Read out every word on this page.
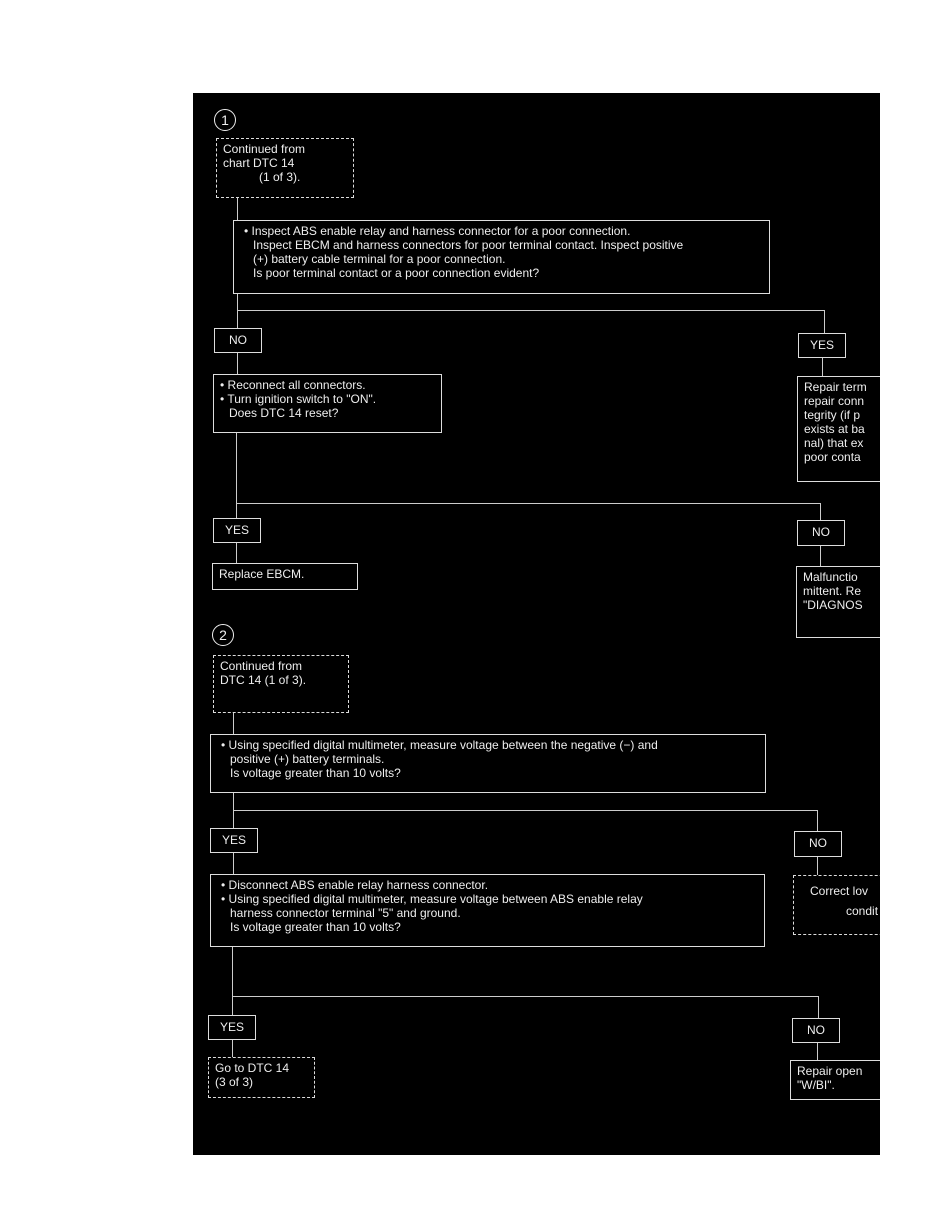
1
Continued from
chart DTC 14
(1 of 3).
• Inspect ABS enable relay and harness connector for a poor connection.
Inspect EBCM and harness connectors for poor terminal contact. Inspect positive
(+) battery cable terminal for a poor connection.
Is poor terminal contact or a poor connection evident?
NO
• Reconnect all connectors.
• Turn ignition switch to "ON".
Does DTC 14 reset?
YES
Repair term
repair conn
tegrity (if p
exists at ba
nal) that ex
poor conta
YES
Replace EBCM.
NO
Malfunctio
mittent. Re
"DIAGNOS
2
Continued from
DTC 14 (1 of 3).
• Using specified digital multimeter, measure voltage between the negative (−) and
positive (+) battery terminals.
Is voltage greater than 10 volts?
YES	NO
Correct lov
condit
• Disconnect ABS enable relay harness connector.
• Using specified digital multimeter, measure voltage between ABS enable relay
harness connector terminal "5" and ground.
Is voltage greater than 10 volts?
YES
Go to DTC 14
(3 of 3)
NO
Repair open
"W/BI".
